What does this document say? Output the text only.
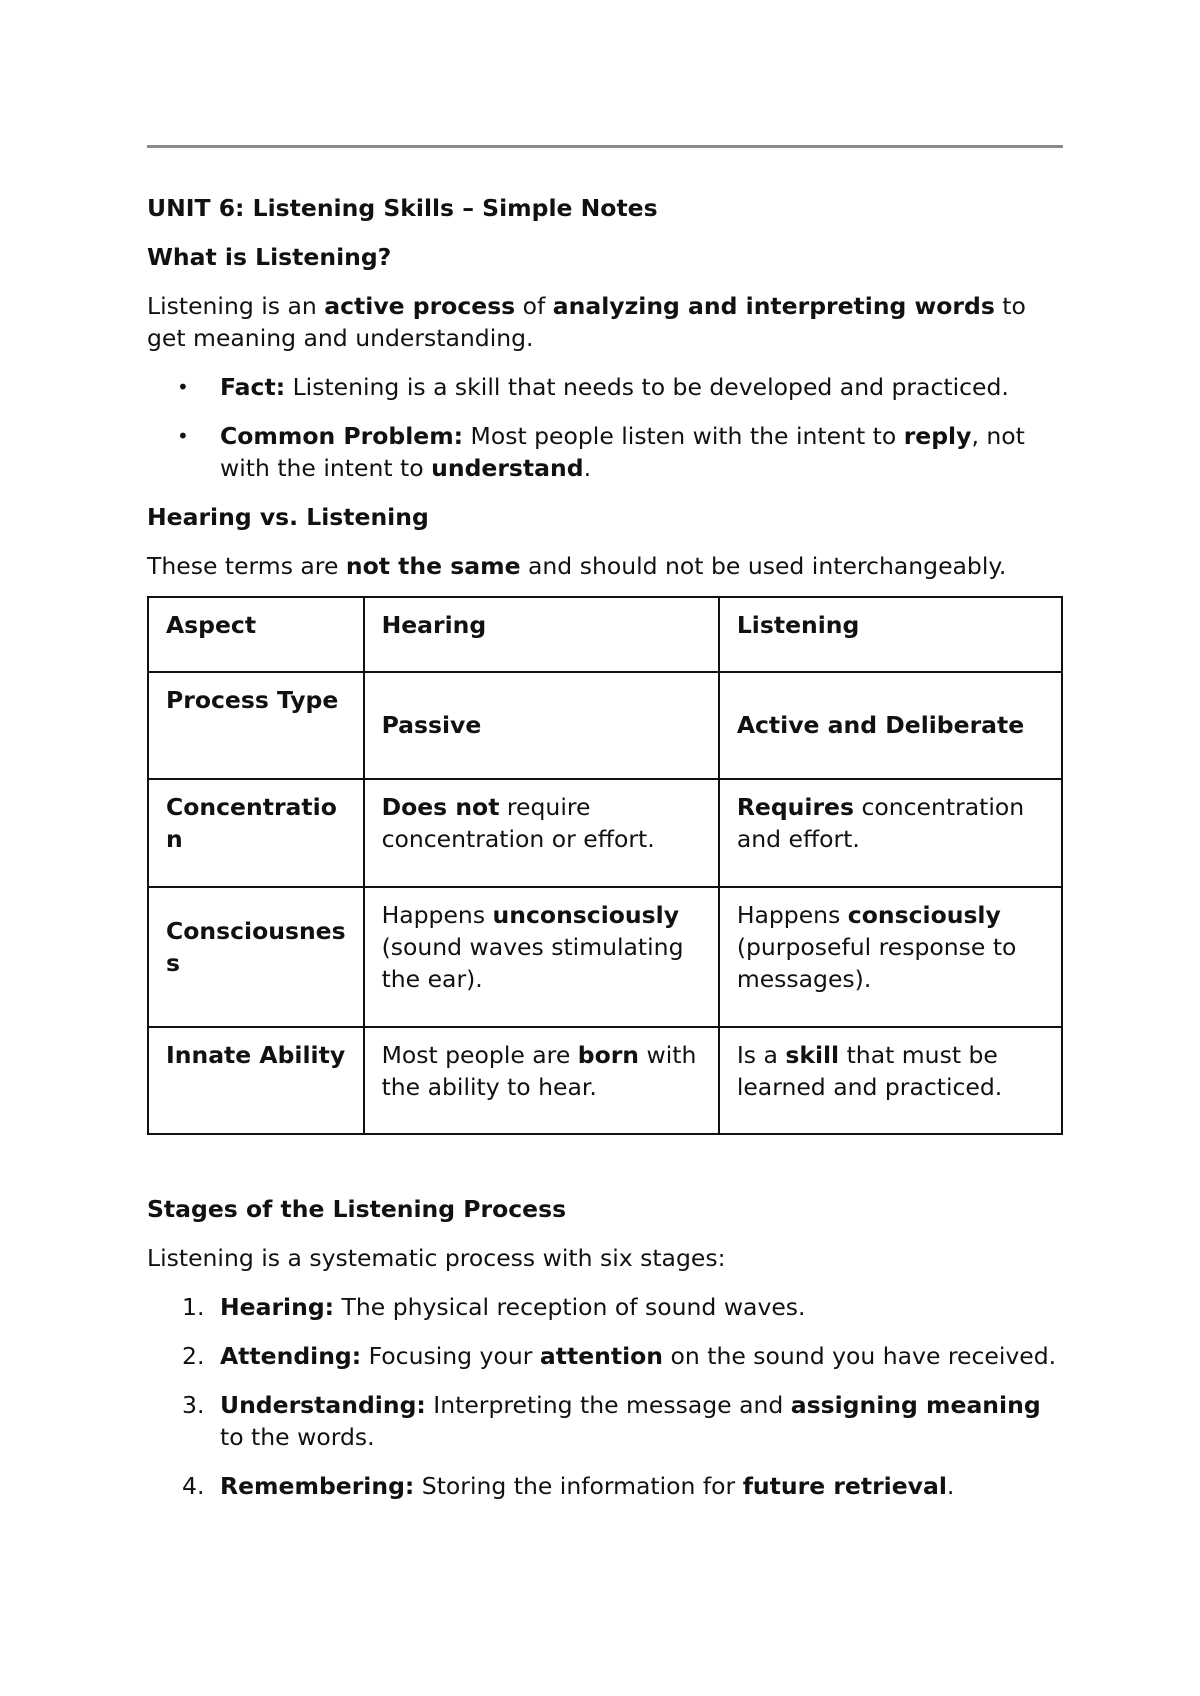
UNIT 6: Listening Skills – Simple Notes

What is Listening?

Listening is an active process of analyzing and interpreting words to get meaning and understanding.

• Fact: Listening is a skill that needs to be developed and practiced.
• Common Problem: Most people listen with the intent to reply, not with the intent to understand.

Hearing vs. Listening

These terms are not the same and should not be used interchangeably.

Aspect	Hearing	Listening
Process Type	Passive	Active and Deliberate
Concentration	Does not require concentration or effort.	Requires concentration and effort.
Consciousness	Happens unconsciously (sound waves stimulating the ear).	Happens consciously (purposeful response to messages).
Innate Ability	Most people are born with the ability to hear.	Is a skill that must be learned and practiced.

Stages of the Listening Process

Listening is a systematic process with six stages:

1. Hearing: The physical reception of sound waves.
2. Attending: Focusing your attention on the sound you have received.
3. Understanding: Interpreting the message and assigning meaning to the words.
4. Remembering: Storing the information for future retrieval.
